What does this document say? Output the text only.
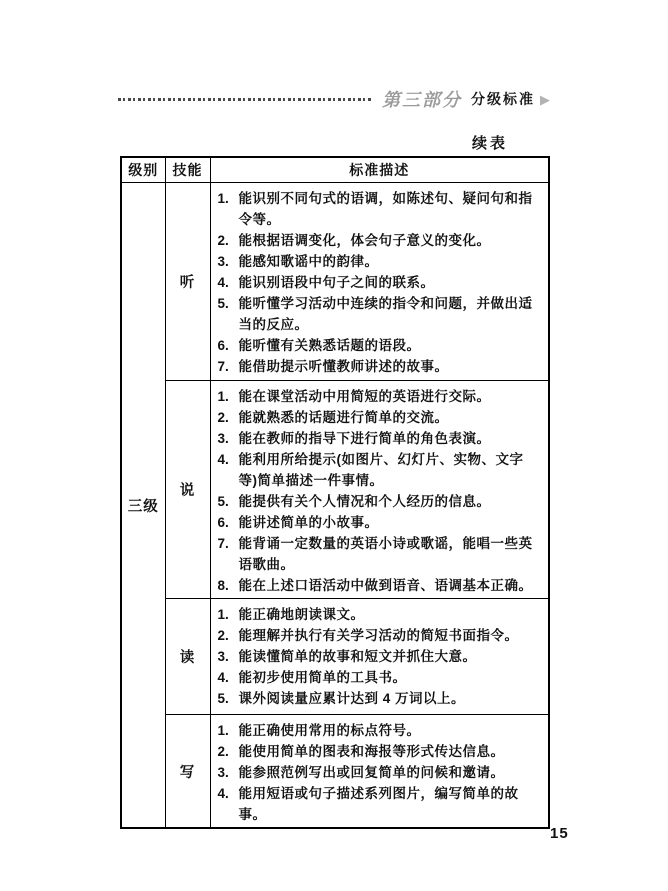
第三部分 分级标准 ▶
续表
级别	技能	标准描述
三级	听	
1. 能识别不同句式的语调，如陈述句、疑问句和指令等。
2. 能根据语调变化，体会句子意义的变化。
3. 能感知歌谣中的韵律。
4. 能识别语段中句子之间的联系。
5. 能听懂学习活动中连续的指令和问题，并做出适当的反应。
6. 能听懂有关熟悉话题的语段。
7. 能借助提示听懂教师讲述的故事。

说	
1. 能在课堂活动中用简短的英语进行交际。
2. 能就熟悉的话题进行简单的交流。
3. 能在教师的指导下进行简单的角色表演。
4. 能利用所给提示(如图片、幻灯片、实物、文字等)简单描述一件事情。
5. 能提供有关个人情况和个人经历的信息。
6. 能讲述简单的小故事。
7. 能背诵一定数量的英语小诗或歌谣，能唱一些英语歌曲。
8. 能在上述口语活动中做到语音、语调基本正确。

读	
1. 能正确地朗读课文。
2. 能理解并执行有关学习活动的简短书面指令。
3. 能读懂简单的故事和短文并抓住大意。
4. 能初步使用简单的工具书。
5. 课外阅读量应累计达到 4 万词以上。

写	
1. 能正确使用常用的标点符号。
2. 能使用简单的图表和海报等形式传达信息。
3. 能参照范例写出或回复简单的问候和邀请。
4. 能用短语或句子描述系列图片，编写简单的故事。
15
